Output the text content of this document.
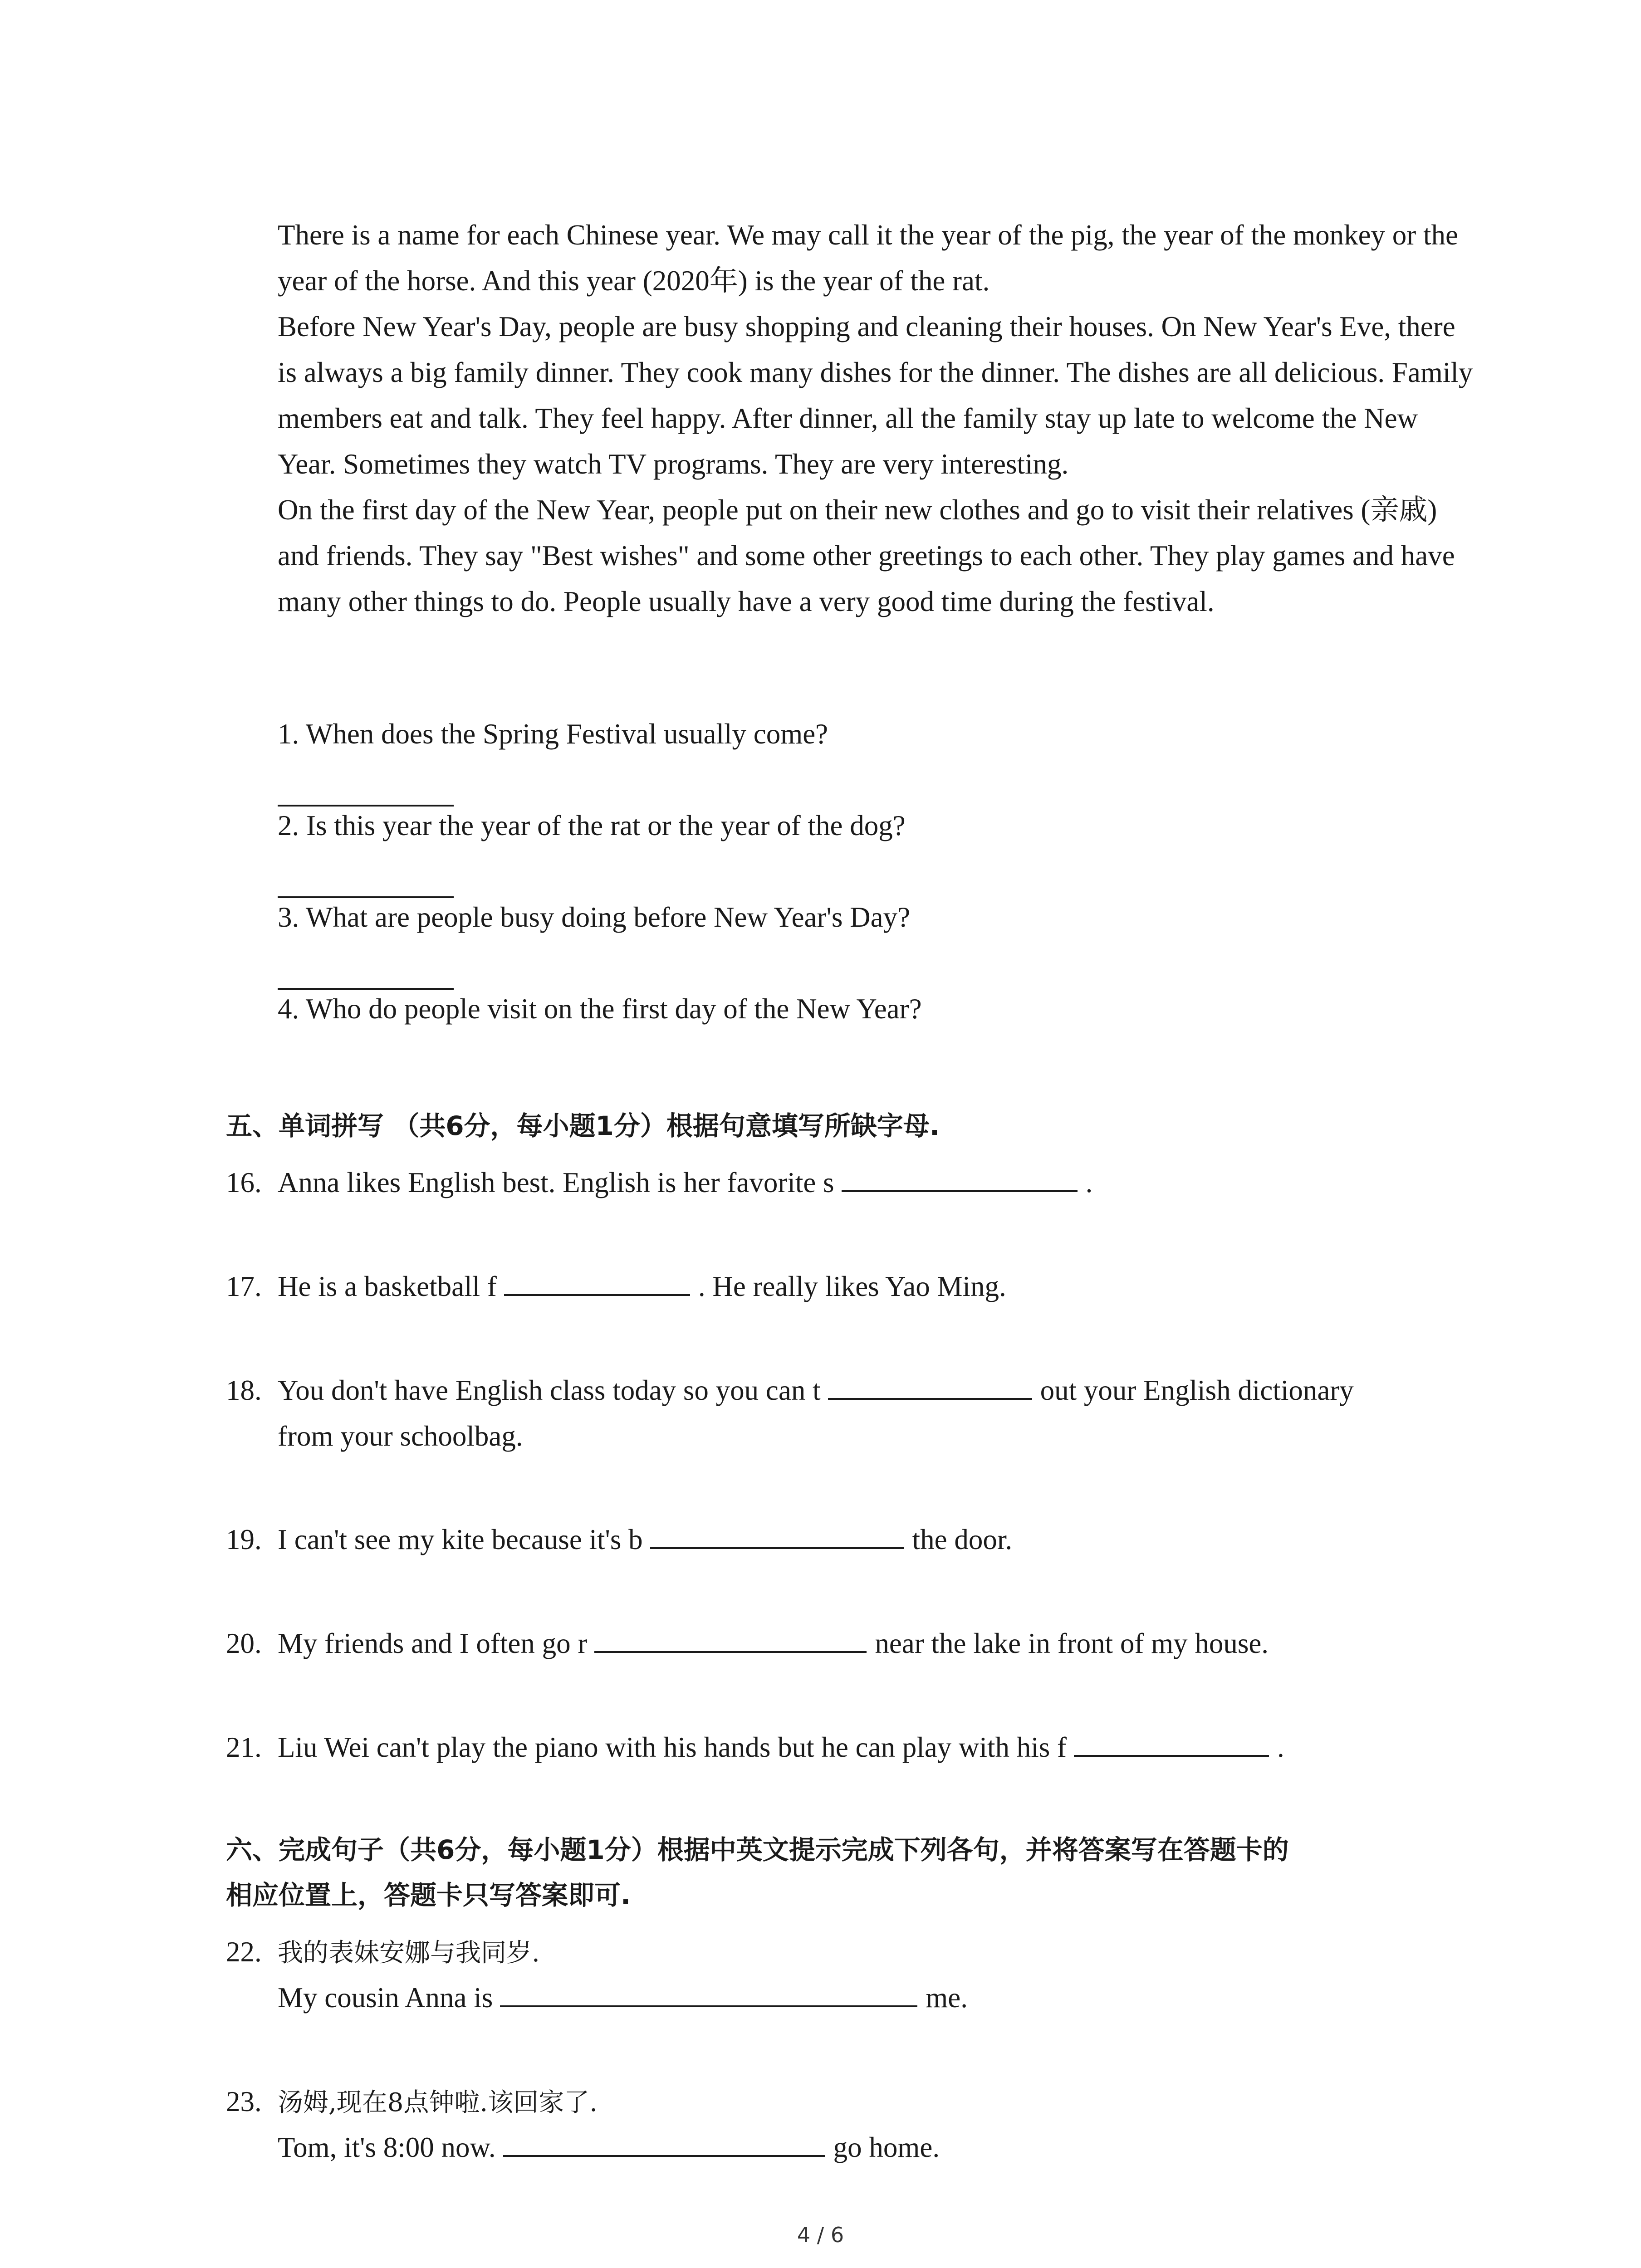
There is a name for each Chinese year. We may call it the year of the pig, the year of the monkey or the year of the horse. And this year (2020年) is the year of the rat.

Before New Year's Day, people are busy shopping and cleaning their houses. On New Year's Eve, there is always a big family dinner. They cook many dishes for the dinner. The dishes are all delicious. Family members eat and talk. They feel happy. After dinner, all the family stay up late to welcome the New Year. Sometimes they watch TV programs. They are very interesting.

On the first day of the New Year, people put on their new clothes and go to visit their relatives (亲戚) and friends. They say "Best wishes" and some other greetings to each other. They play games and have many other things to do. People usually have a very good time during the festival.

1. When does the Spring Festival usually come?
2. Is this year the year of the rat or the year of the dog?
3. What are people busy doing before New Year's Day?
4. Who do people visit on the first day of the New Year?
五、单词拼写 （共6分，每小题1分）根据句意填写所缺字母.
16. Anna likes English best. English is her favorite s	.
17. He is a basketball f	. He really likes Yao Ming.
18. You don't have English class today so you can t	out your English dictionary
from your schoolbag.
19. I can't see my kite because it's b	the door.
20. My friends and I often go r	near the lake in front of my house.
21. Liu Wei can't play the piano with his hands but he can play with his f	.
六、完成句子（共6分，每小题1分）根据中英文提示完成下列各句，并将答案写在答题卡的
相应位置上，答题卡只写答案即可.
22. 我的表妹安娜与我同岁.
My cousin Anna is	me.
23. 汤姆,现在8点钟啦.该回家了.
Tom, it's 8:00 now.	go home.
4 / 6
